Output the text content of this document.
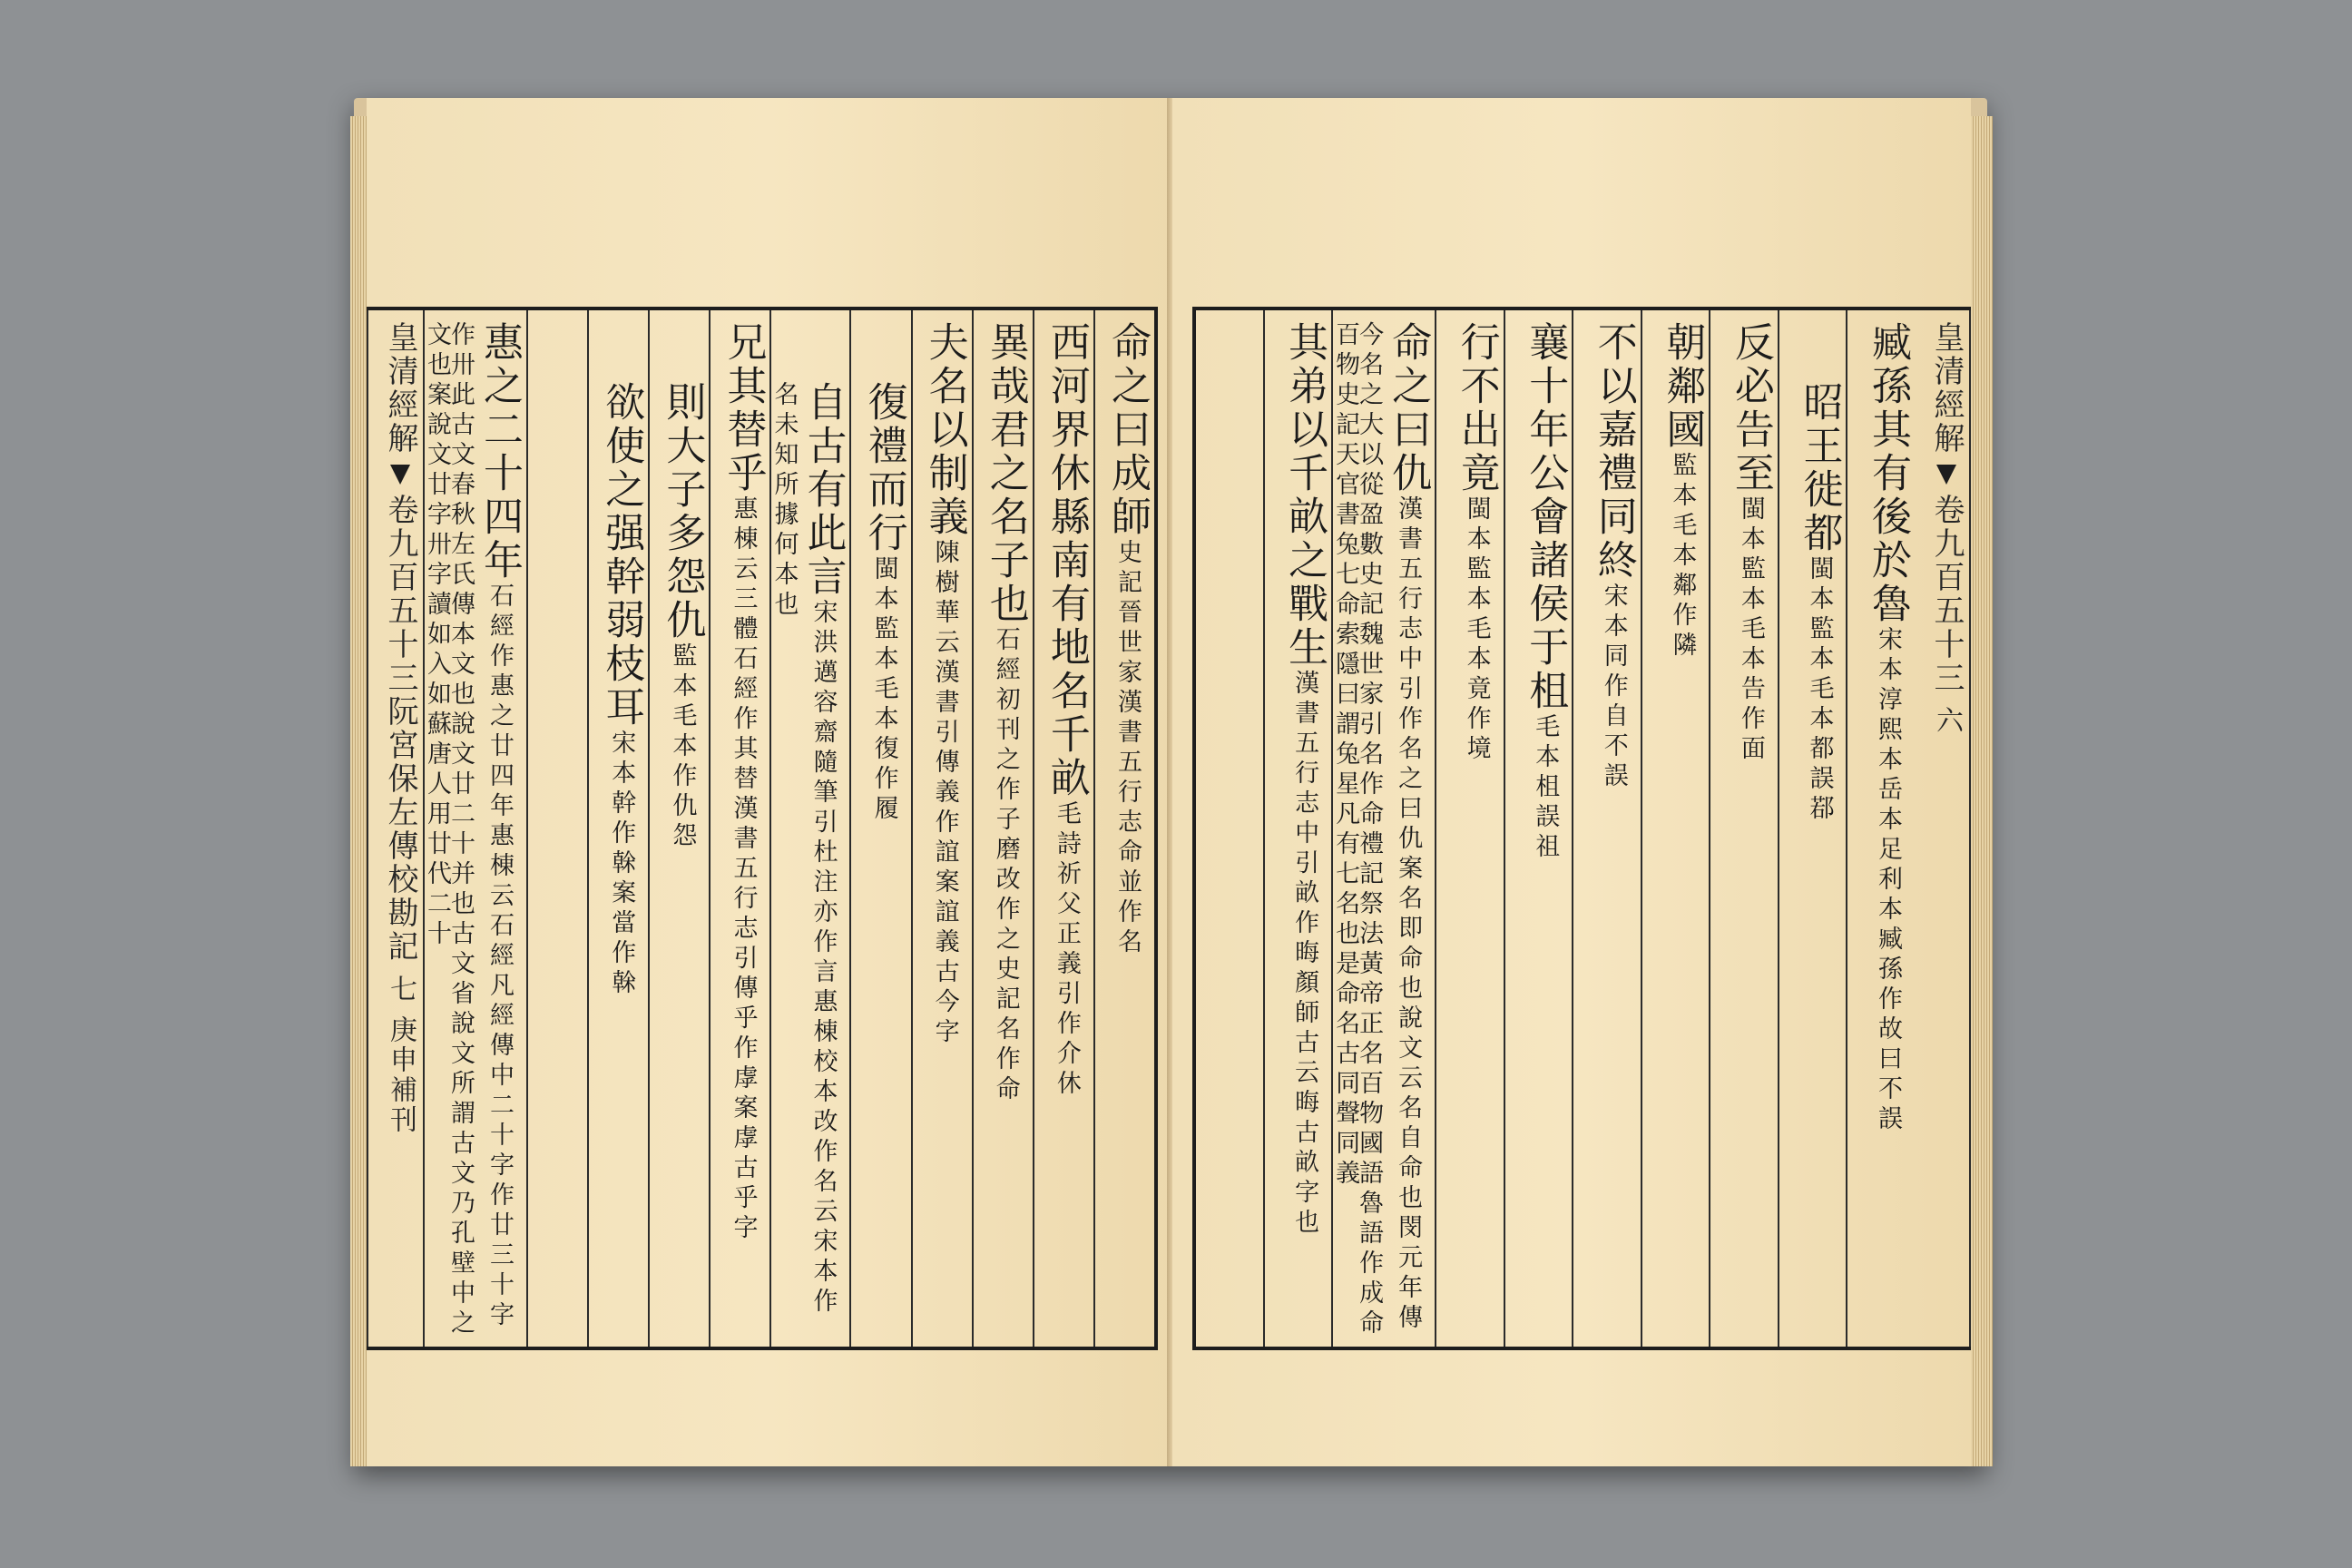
命之曰成師史記晉世家漢書五行志命並作名
西河界休縣南有地名千畝毛詩祈父正義引作介休
異哉君之名子也石經初刊之作子磨改作之史記名作命
夫名以制義陳樹華云漢書引傳義作誼案誼義古今字
復禮而行閩本監本毛本復作履
自古有此言宋洪邁容齋隨筆引杜注亦作言惠棟校本改作名云宋本作名未知所據何本也
兄其替乎惠棟云三體石經作其替漢書五行志引傳乎作虖案虖古乎字
則大子多怨仇監本毛本作仇怨
欲使之强幹弱枝耳宋本幹作榦案當作榦
惠之二十四年石經作惠之廿四年惠棟云石經凡經傳中二十字作廿三十字作卅此古文春秋左氏傳本文也說文廿二十并也古文省說文所謂古文乃孔壁中之文也案說文廿字卅字讀如入如蘇唐人用廿代二十
皇清經解卷九百五十三阮宮保左傳校勘記七庚申補刊
皇清經解卷九百五十三六
臧孫其有後於魯宋本淳熙本岳本足利本臧孫作故曰不誤
昭王徙都閩本監本毛本都誤鄀
反必告至閩本監本毛本告作面
朝鄰國監本毛本鄰作隣
不以嘉禮同終宋本同作自不誤
襄十年公會諸侯于柤毛本柤誤祖
行不出竟閩本監本毛本竟作境
命之曰仇漢書五行志中引作名之曰仇案名即命也說文云名自命也閔元年傳今名之大以從盈數史記魏世家引名作命禮記祭法黃帝正名百物國語魯語作成命百物史記天官書兔七命索隱曰謂兔星凡有七名也是命名古同聲同義
其弟以千畝之戰生漢書五行志中引畝作晦顏師古云晦古畝字也
